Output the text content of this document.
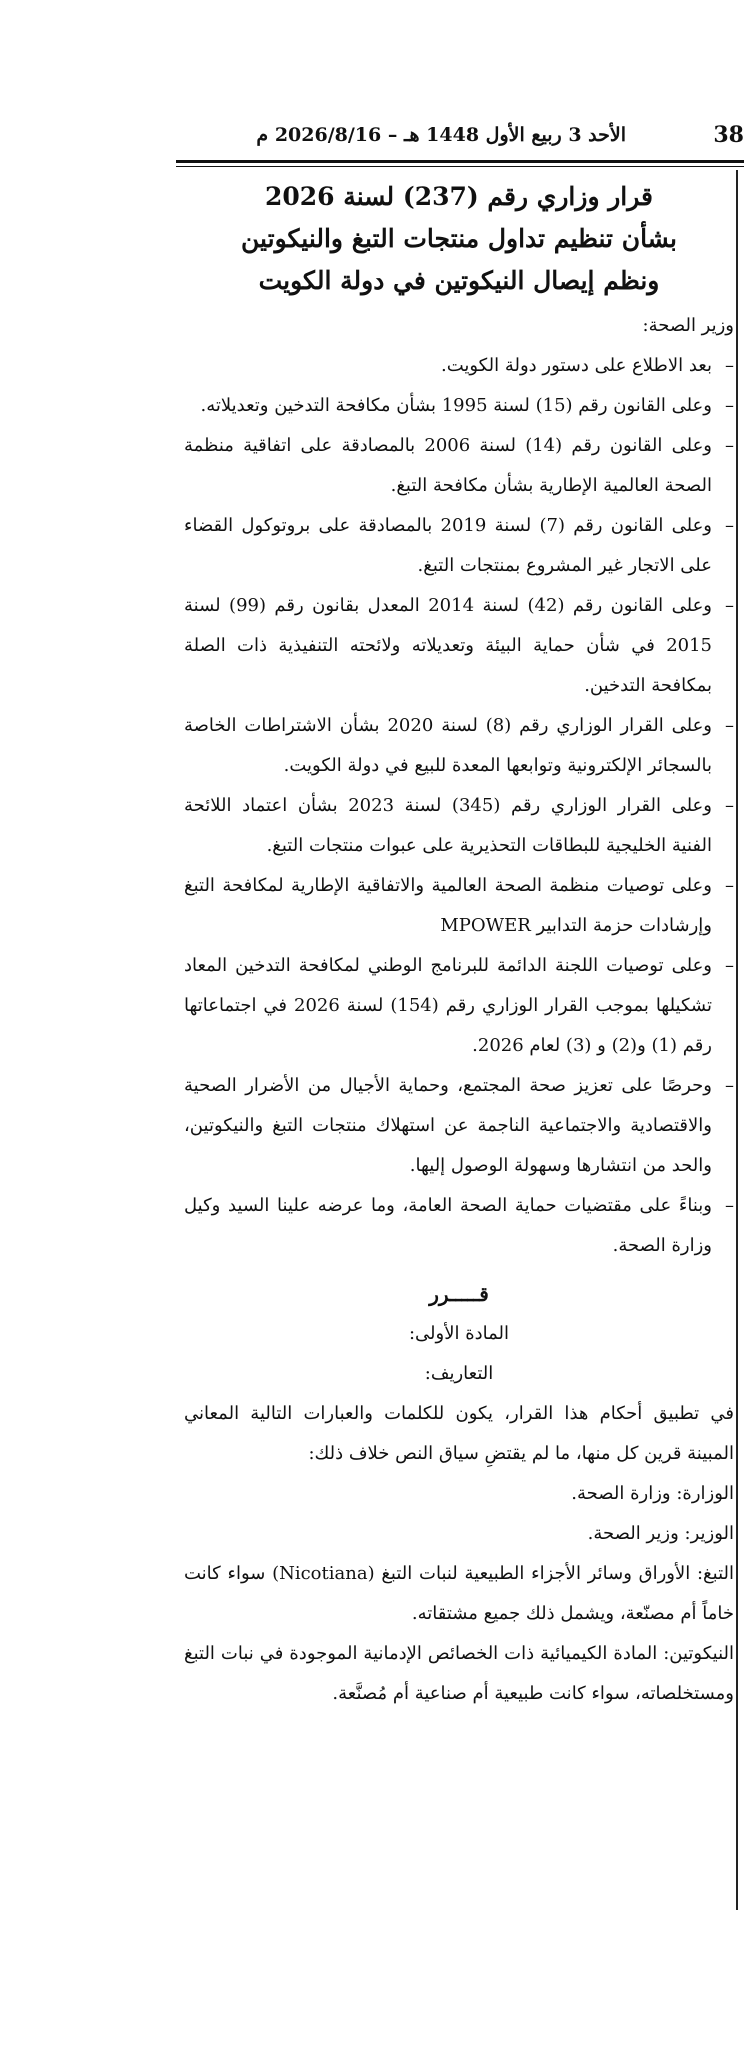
الأحد 3 ربيع الأول 1448 هـ – 2026/8/16 م	38
قرار وزاري رقم (237) لسنة 2026
بشأن تنظيم تداول منتجات التبغ والنيكوتين
ونظم إيصال النيكوتين في دولة الكويت
وزير الصحة:
–
بعد الاطلاع على دستور دولة الكويت.
–
وعلى القانون رقم (15) لسنة 1995 بشأن مكافحة التدخين وتعديلاته.
–
وعلى القانون رقم (14) لسنة 2006 بالمصادقة على اتفاقية منظمة الصحة العالمية الإطارية بشأن مكافحة التبغ.
–
وعلى القانون رقم (7) لسنة 2019 بالمصادقة على بروتوكول القضاء على الاتجار غير المشروع بمنتجات التبغ.
–
وعلى القانون رقم (42) لسنة 2014 المعدل بقانون رقم (99) لسنة 2015 في شأن حماية البيئة وتعديلاته ولائحته التنفيذية ذات الصلة بمكافحة التدخين.
–
وعلى القرار الوزاري رقم (8) لسنة 2020 بشأن الاشتراطات الخاصة بالسجائر الإلكترونية وتوابعها المعدة للبيع في دولة الكويت.
–
وعلى القرار الوزاري رقم (345) لسنة 2023 بشأن اعتماد اللائحة الفنية الخليجية للبطاقات التحذيرية على عبوات منتجات التبغ.
–
وعلى توصيات منظمة الصحة العالمية والاتفاقية الإطارية لمكافحة التبغ وإرشادات حزمة التدابير MPOWER
–
وعلى توصيات اللجنة الدائمة للبرنامج الوطني لمكافحة التدخين المعاد تشكيلها بموجب القرار الوزاري رقم (154) لسنة 2026 في اجتماعاتها رقم (1) و(2) و (3) لعام 2026.
–
وحرصًا على تعزيز صحة المجتمع، وحماية الأجيال من الأضرار الصحية والاقتصادية والاجتماعية الناجمة عن استهلاك منتجات التبغ والنيكوتين، والحد من انتشارها وسهولة الوصول إليها.
–
وبناءً على مقتضيات حماية الصحة العامة، وما عرضه علينا السيد وكيل وزارة الصحة.
قـــــرر
المادة الأولى:
التعاريف:
في تطبيق أحكام هذا القرار، يكون للكلمات والعبارات التالية المعاني المبينة قرين كل منها، ما لم يقتضِ سياق النص خلاف ذلك:
الوزارة: وزارة الصحة.
الوزير: وزير الصحة.
التبغ: الأوراق وسائر الأجزاء الطبيعية لنبات التبغ (Nicotiana) سواء كانت خاماً أم مصنّعة، ويشمل ذلك جميع مشتقاته.
النيكوتين: المادة الكيميائية ذات الخصائص الإدمانية الموجودة في نبات التبغ ومستخلصاته، سواء كانت طبيعية أم صناعية أم مُصنَّعة.
